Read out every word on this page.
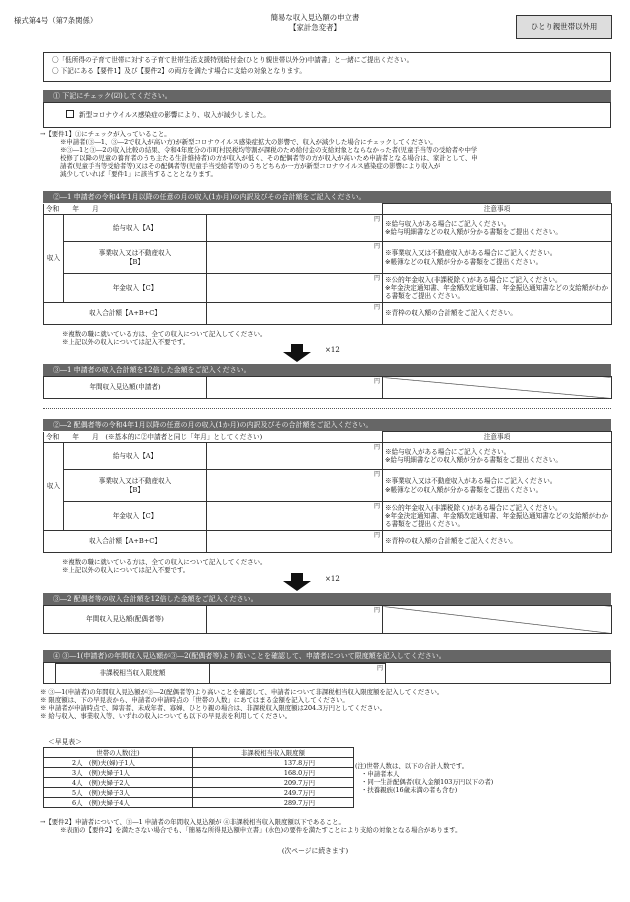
様式第4号（第7条関係）	簡易な収入見込額の申立書
【家計急変者】	ひとり親世帯以外用
〇「低所得の子育て世帯に対する子育て世帯生活支援特別給付金(ひとり親世帯以外分)申請書」と一緒にご提出ください。
〇 下記にある【要件1】及び【要件2】の両方を満たす場合に支給の対象となります。
① 下記にチェック(☑)してください。
新型コロナウイルス感染症の影響により、収入が減少しました。

→【要件1】①にチェックが入っていること。

※申請者(③―1、③―2で収入が高い方)が新型コロナウイルス感染症拡大の影響で、収入が減少した場合にチェックしてください。

※③―1と③―2の収入比較の結果、令和4年度分の市町村民税均等割が課税のため給付金の支給対象とならなかった者(児童手当等の受給者や中学

校修了以降の児童の養育者のうち主たる生計維持者)の方が収入が低く、その配偶者等の方が収入が高いため申請者となる場合は、家計として、申

請者(児童手当等受給者等)又はその配偶者等(児童手当受給者等)のうちどちらか一方が新型コロナウイルス感染症の影響により収入が

減少していれば「要件1」に該当することとなります。

②―1 申請者の令和4年1月以降の任意の月の収入(1か月)の内訳及びその合計額をご記入ください。
令和　　年　　月			注意事項
収入	給与収入【A】	円	※給与収入がある場合にご記入ください。
※給与明細書などの収入額が分かる書類をご提出ください。
	事業収入又は不動産収入
【B】	円	※事業収入又は不動産収入がある場合にご記入ください。
※帳簿などの収入額が分かる書類をご提出ください。
	年金収入【C】	円	※公的年金収入(非課税除く)がある場合にご記入ください。
※年金決定通知書、年金額改定通知書、年金振込通知書などの支給額がわかる書類をご提出ください。
収入合計額【A+B+C】		円	※青枠の収入額の合計額をご記入ください。

※複数の職に就いている方は、全ての収入について記入してください。

※上記以外の収入については記入不要です。

×12
③―1 申請者の収入合計額を12倍した金額をご記入ください。
年間収入見込額(申請者)	
円

②―2 配偶者等の令和4年1月以降の任意の月の収入(1か月)の内訳及びその合計額をご記入ください。
令和　　年　　月　(※基本的に②申請者と同じ「年月」としてください)			注意事項
収入	給与収入【A】	円	※給与収入がある場合にご記入ください。
※給与明細書などの収入額が分かる書類をご提出ください。
	事業収入又は不動産収入
【B】	円	※事業収入又は不動産収入がある場合にご記入ください。
※帳簿などの収入額が分かる書類をご提出ください。
	年金収入【C】	円	※公的年金収入(非課税除く)がある場合にご記入ください。
※年金決定通知書、年金額改定通知書、年金振込通知書などの支給額がわかる書類をご提出ください。
収入合計額【A+B+C】		円	※青枠の収入額の合計額をご記入ください。

※複数の職に就いている方は、全ての収入について記入してください。

※上記以外の収入については記入不要です。

×12
③―2 配偶者等の収入合計額を12倍した金額をご記入ください。
年間収入見込額(配偶者等)	
円

④ ③―1(申請者)の年間収入見込額が③―2(配偶者等)より高いことを確認して、申請者について限度額を記入してください。
非課税相当収入限度額	
円

※ ③―1(申請者)の年間収入見込額が③―2(配偶者等)より高いことを確認して、申請者について非課税相当収入限度額を記入してください。

※ 限度額は、下の早見表から、申請者の申請時点の「世帯の人数」にあてはまる金額を記入してください。

※ 申請者が申請時点で、障害者、未成年者、寡婦、ひとり親の場合は、非課税収入限度額は204.3万円としてください。

※ 給与収入、事業収入等、いずれの収入についても以下の早見表を利用してください。

＜早見表＞
世帯の人数(注)	非課税相当収入限度額
2人　(例)夫(婦)子1人	137.8万円
3人　(例)夫婦子1人	168.0万円
4人　(例)夫婦子2人	209.7万円
5人　(例)夫婦子3人	249.7万円
6人　(例)夫婦子4人	289.7万円

(注)世帯人数は、以下の合計人数です。

・申請者本人

・同一生計配偶者(収入金額103万円以下の者)

・扶養親族(16歳未満の者も含む)

→【要件2】申請者について、③―1 申請者の年間収入見込額が ④非課税相当収入限度額以下であること。

※表面の【要件2】を満たさない場合でも、「簡易な所得見込額申立書」(水色)の要件を満たすことにより支給の対象となる場合があります。

(次ページに続きます)
